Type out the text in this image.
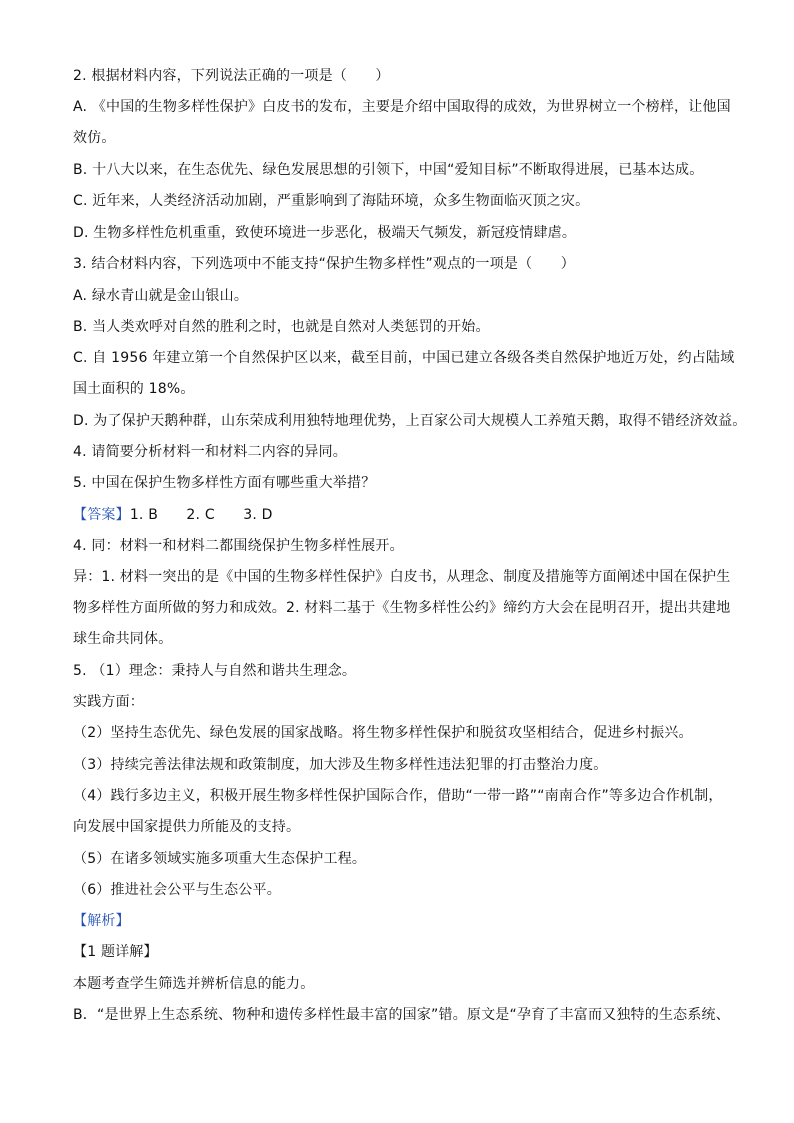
2. 根据材料内容，下列说法正确的一项是（　　）
A. 《中国的生物多样性保护》白皮书的发布，主要是介绍中国取得的成效，为世界树立一个榜样，让他国
效仿。
B. 十八大以来，在生态优先、绿色发展思想的引领下，中国“爱知目标”不断取得进展，已基本达成。
C. 近年来，人类经济活动加剧，严重影响到了海陆环境，众多生物面临灭顶之灾。
D. 生物多样性危机重重，致使环境进一步恶化，极端天气频发，新冠疫情肆虐。
3. 结合材料内容，下列选项中不能支持“保护生物多样性”观点的一项是（　　）
A. 绿水青山就是金山银山。
B. 当人类欢呼对自然的胜利之时，也就是自然对人类惩罚的开始。
C. 自 1956 年建立第一个自然保护区以来，截至目前，中国已建立各级各类自然保护地近万处，约占陆域
国土面积的 18%。
D. 为了保护天鹅种群，山东荣成利用独特地理优势，上百家公司大规模人工养殖天鹅，取得不错经济效益。
4. 请简要分析材料一和材料二内容的异同。
5. 中国在保护生物多样性方面有哪些重大举措？
【答案】1. B　　2. C　　3. D
4. 同：材料一和材料二都围绕保护生物多样性展开。
异：1. 材料一突出的是《中国的生物多样性保护》白皮书，从理念、制度及措施等方面阐述中国在保护生
物多样性方面所做的努力和成效。2. 材料二基于《生物多样性公约》缔约方大会在昆明召开，提出共建地
球生命共同体。
5. （1）理念：秉持人与自然和谐共生理念。
实践方面：
（2）坚持生态优先、绿色发展的国家战略。将生物多样性保护和脱贫攻坚相结合，促进乡村振兴。
（3）持续完善法律法规和政策制度，加大涉及生物多样性违法犯罪的打击整治力度。
（4）践行多边主义，积极开展生物多样性保护国际合作，借助“一带一路”“南南合作”等多边合作机制，
向发展中国家提供力所能及的支持。
（5）在诸多领域实施多项重大生态保护工程。
（6）推进社会公平与生态公平。
【解析】
【1 题详解】
本题考查学生筛选并辨析信息的能力。
B．“是世界上生态系统、物种和遗传多样性最丰富的国家”错。原文是“孕育了丰富而又独特的生态系统、
